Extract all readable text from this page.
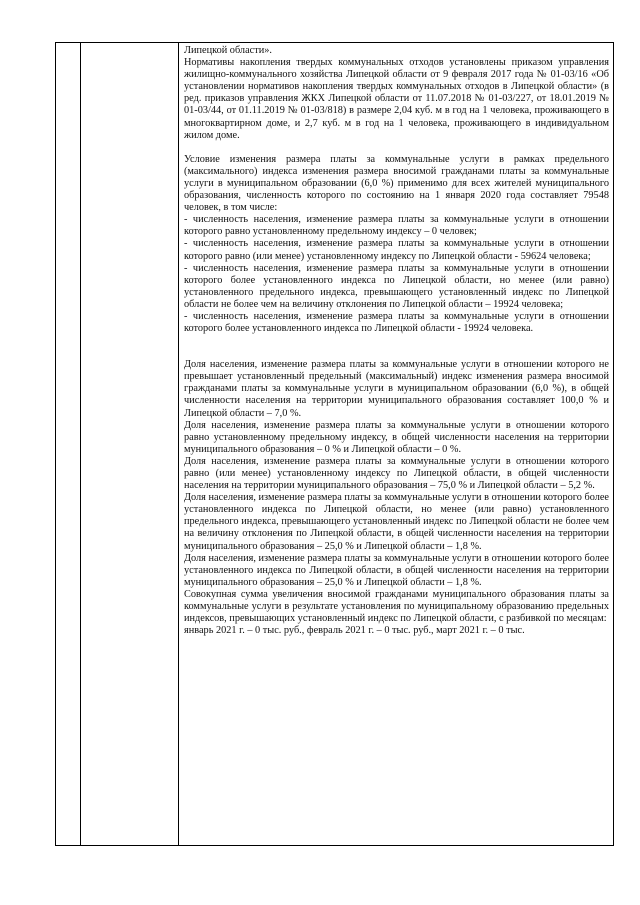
Липецкой области».

Нормативы накопления твердых коммунальных отходов установлены приказом управления жилищно-коммунального хозяйства Липецкой области от 9 февраля 2017 года № 01-03/16 «Об установлении нормативов накопления твердых коммунальных отходов в Липецкой области» (в ред. приказов управления ЖКХ Липецкой области от 11.07.2018 № 01-03/227, от 18.01.2019 № 01-03/44, от 01.11.2019 № 01-03/818) в размере 2,04 куб. м в год на 1 человека, проживающего в многоквартирном доме, и 2,7 куб. м в год на 1 человека, проживающего в индивидуальном жилом доме.

Условие изменения размера платы за коммунальные услуги в рамках предельного (максимального) индекса изменения размера вносимой гражданами платы за коммунальные услуги в муниципальном образовании (6,0 %) применимо для всех жителей муниципального образования, численность которого по состоянию на 1 января 2020 года составляет 79548 человек, в том числе:

- численность населения, изменение размера платы за коммунальные услуги в отношении которого равно установленному предельному индексу – 0 человек;

- численность населения, изменение размера платы за коммунальные услуги в отношении которого равно (или менее) установленному индексу по Липецкой области - 59624 человека;

- численность населения, изменение размера платы за коммунальные услуги в отношении которого более установленного индекса по Липецкой области, но менее (или равно) установленного предельного индекса, превышающего установленный индекс по Липецкой области не более чем на величину отклонения по Липецкой области – 19924 человека;

- численность населения, изменение размера платы за коммунальные услуги в отношении которого более установленного индекса по Липецкой области - 19924 человека.

Доля населения, изменение размера платы за коммунальные услуги в отношении которого не превышает установленный предельный (максимальный) индекс изменения размера вносимой гражданами платы за коммунальные услуги в муниципальном образовании (6,0 %), в общей численности населения на территории муниципального образования составляет 100,0 % и Липецкой области – 7,0 %.

Доля населения, изменение размера платы за коммунальные услуги в отношении которого равно установленному предельному индексу, в общей численности населения на территории муниципального образования – 0 % и Липецкой области – 0 %.

Доля населения, изменение размера платы за коммунальные услуги в отношении которого равно (или менее) установленному индексу по Липецкой области, в общей численности населения на территории муниципального образования – 75,0 % и Липецкой области – 5,2 %.

Доля населения, изменение размера платы за коммунальные услуги в отношении которого более установленного индекса по Липецкой области, но менее (или равно) установленного предельного индекса, превышающего установленный индекс по Липецкой области не более чем на величину отклонения по Липецкой области, в общей численности населения на территории муниципального образования – 25,0 % и Липецкой области – 1,8 %.

Доля населения, изменение размера платы за коммунальные услуги в отношении которого более установленного индекса по Липецкой области, в общей численности населения на территории муниципального образования – 25,0 % и Липецкой области – 1,8 %.

Совокупная сумма увеличения вносимой гражданами муниципального образования платы за коммунальные услуги в результате установления по муниципальному образованию предельных индексов, превышающих установленный индекс по Липецкой области, с разбивкой по месяцам:

январь 2021 г. – 0 тыс. руб., февраль 2021 г. – 0 тыс. руб., март 2021 г. – 0 тыс.
